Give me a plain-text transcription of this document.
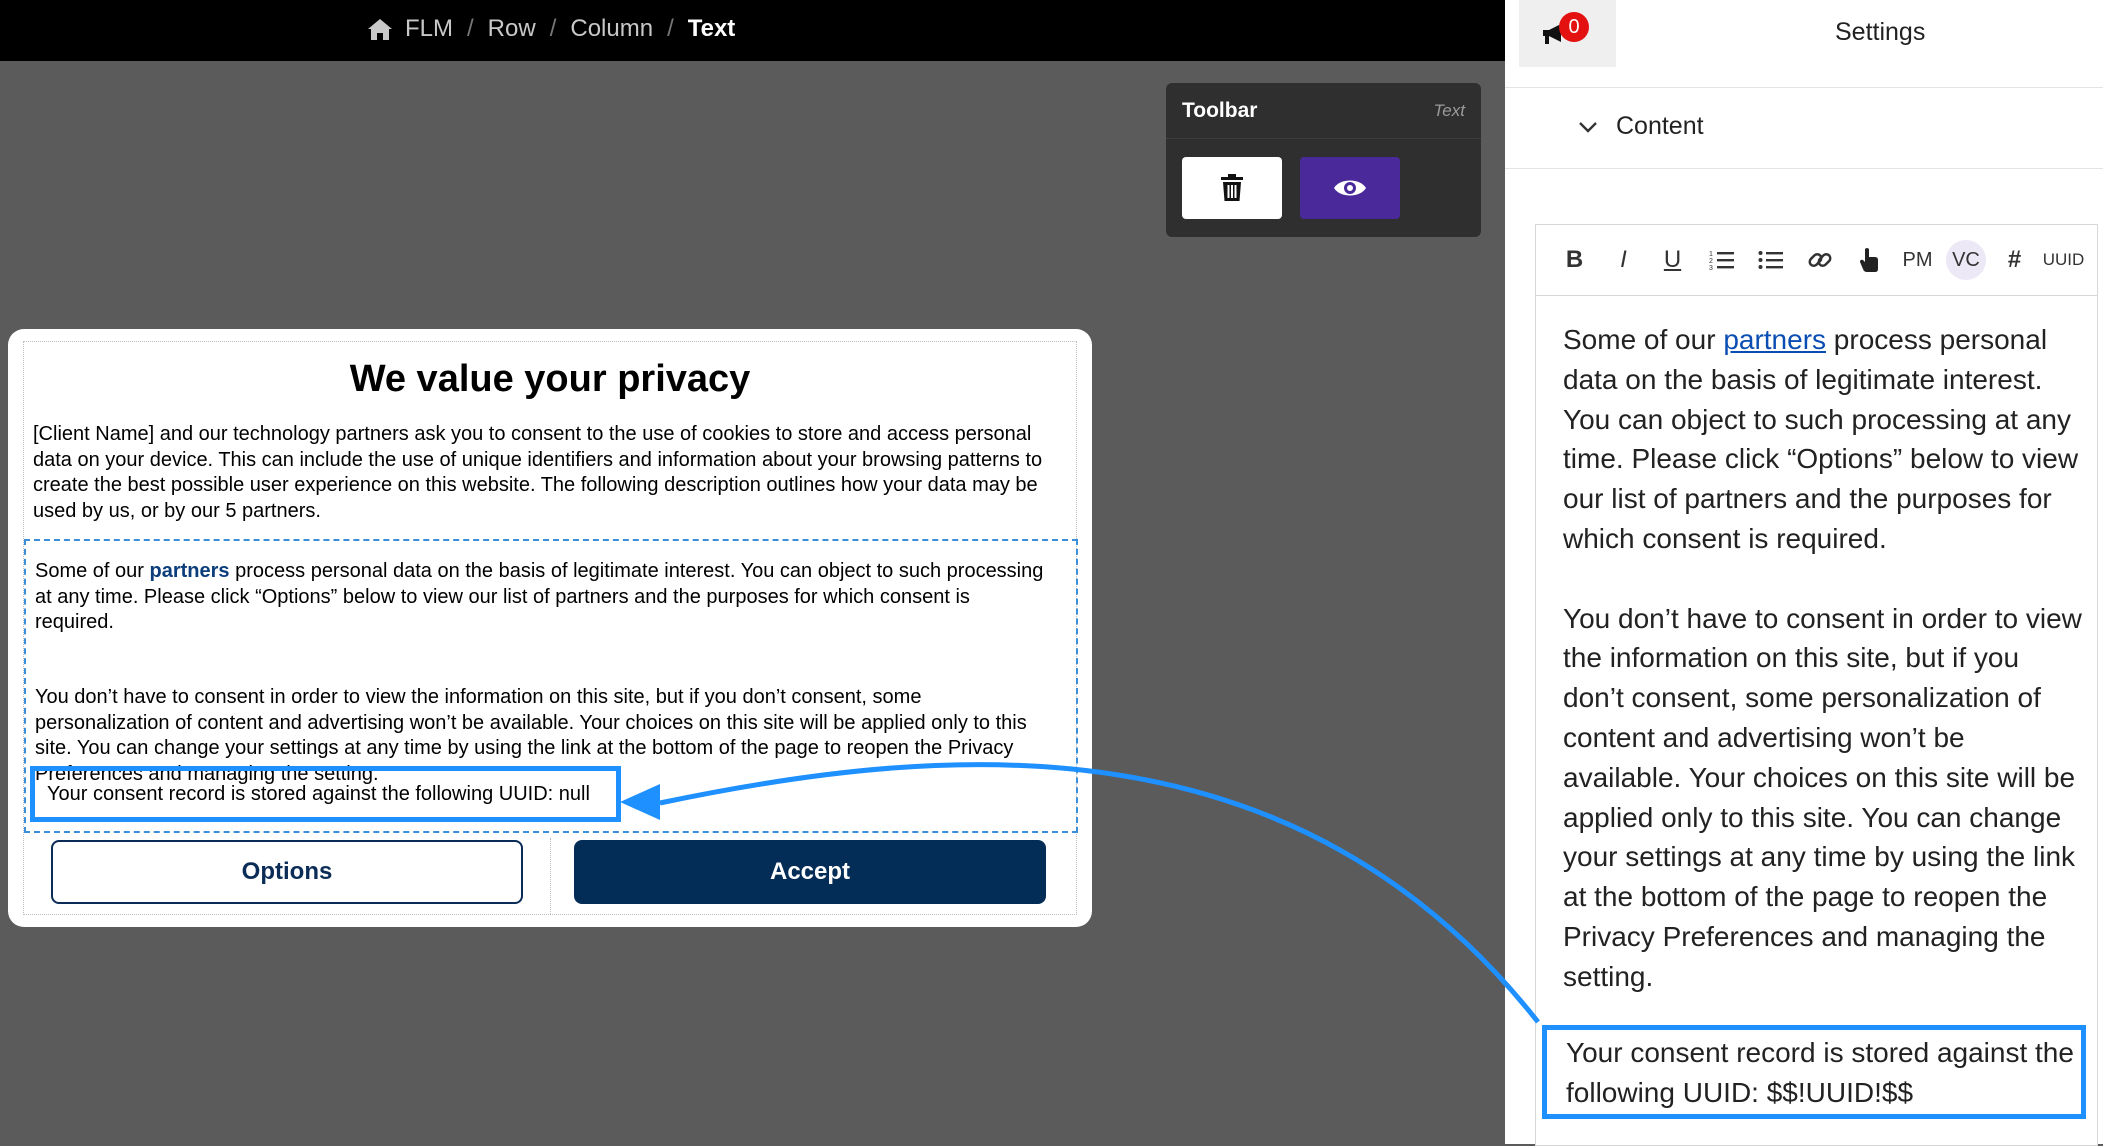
FLM / Row / Column / Text
Toolbar	Text
We value your privacy

[Client Name] and our technology partners ask you to consent to the use of cookies to store and access personal data on your device. This can include the use of unique identifiers and information about your browsing patterns to create the best possible user experience on this website. The following description outlines how your data may be used by us, or by our 5 partners.

Some of our partners process personal data on the basis of legitimate interest. You can object to such processing at any time. Please click “Options” below to view our list of partners and the purposes for which consent is required.

You don’t have to consent in order to view the information on this site, but if you don’t consent, some personalization of content and advertising won’t be available. Your choices on this site will be applied only to this site. You can change your settings at any time by using the link at the bottom of the page to reopen the Privacy Preferences and managing the setting.

Your consent record is stored against the following UUID: null
Options	Accept
0	Settings
Content
B	I	U	1
2
3	PM VC	#	UUID

Some of our partners process personal data on the basis of legitimate interest. You can object to such processing at any time. Please click “Options” below to view our list of partners and the purposes for which consent is required.

You don’t have to consent in order to view the information on this site, but if you don’t consent, some personalization of content and advertising won’t be available. Your choices on this site will be applied only to this site. You can change your settings at any time by using the link at the bottom of the page to reopen the Privacy Preferences and managing the setting.

Your consent record is stored against the following UUID: $$!UUID!$$
